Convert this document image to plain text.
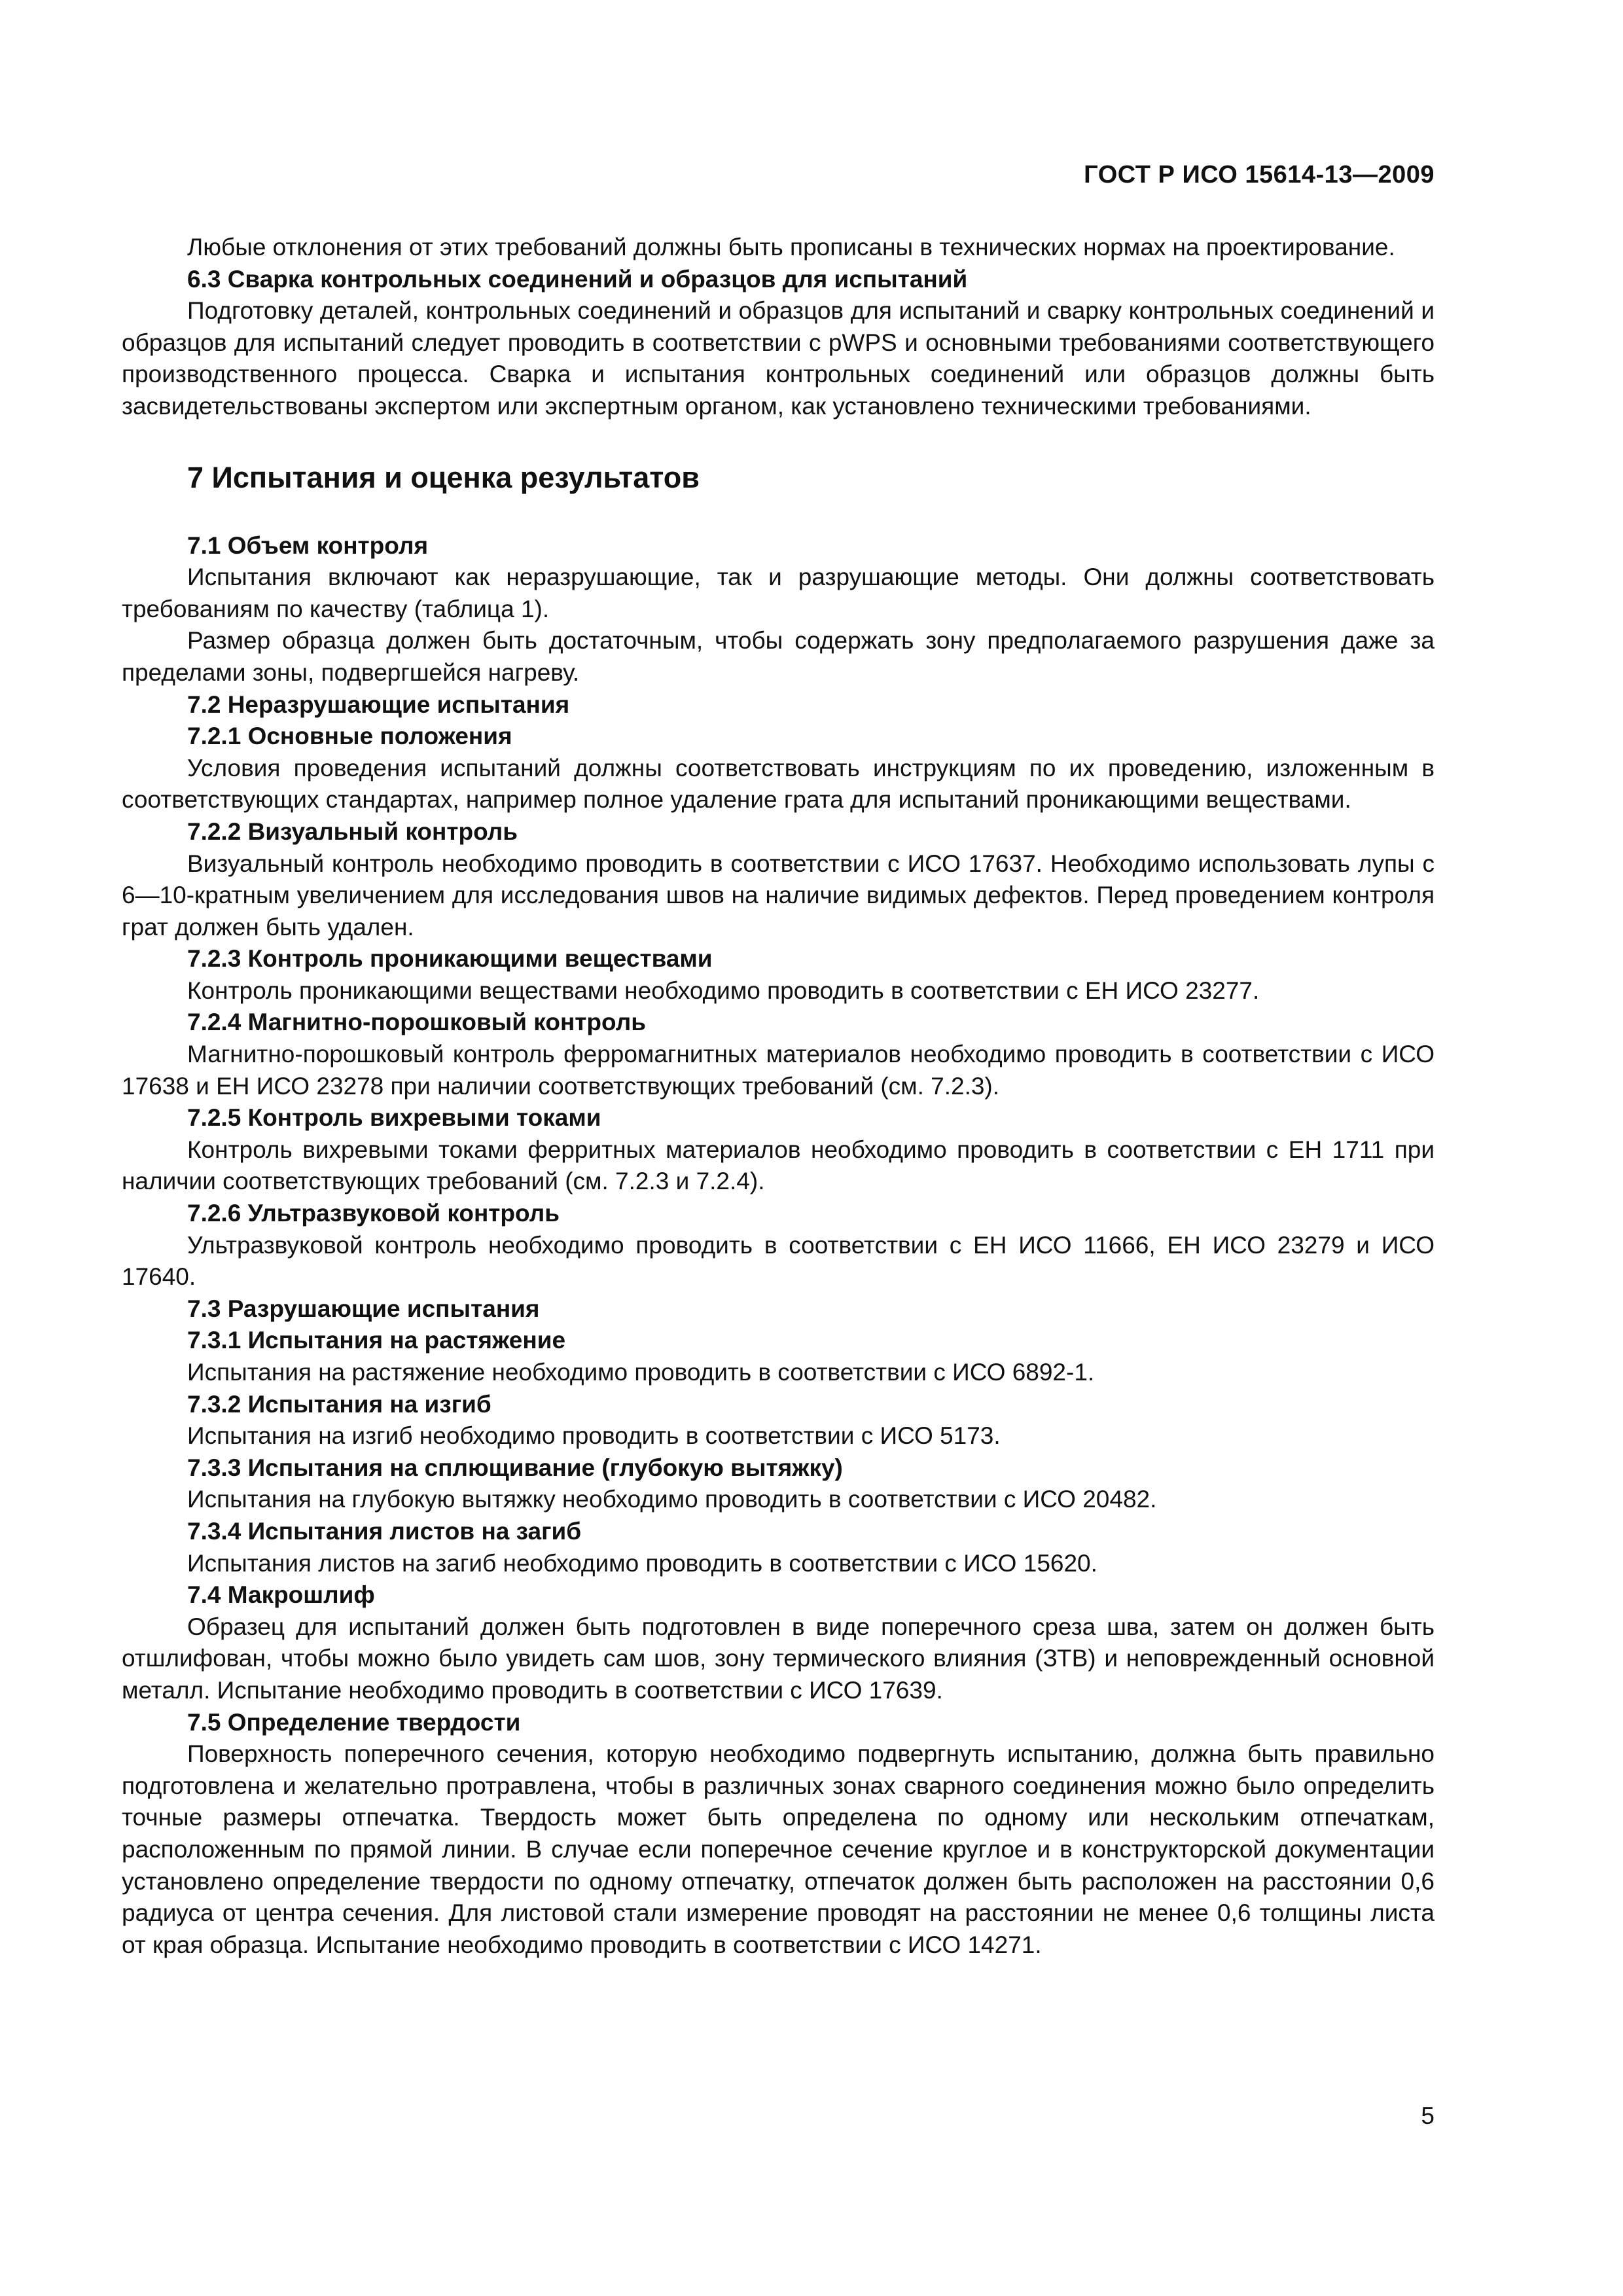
ГОСТ Р ИСО 15614-13—2009
Любые отклонения от этих требований должны быть прописаны в технических нормах на проектирование.
6.3 Сварка контрольных соединений и образцов для испытаний
Подготовку деталей, контрольных соединений и образцов для испытаний и сварку контрольных соединений и образцов для испытаний следует проводить в соответствии с pWPS и основными требованиями соответствующего производственного процесса. Сварка и испытания контрольных соединений или образцов должны быть засвидетельствованы экспертом или экспертным органом, как установлено техническими требованиями.
7 Испытания и оценка результатов
7.1 Объем контроля
Испытания включают как неразрушающие, так и разрушающие методы. Они должны соответствовать требованиям по качеству (таблица 1).
Размер образца должен быть достаточным, чтобы содержать зону предполагаемого разрушения даже за пределами зоны, подвергшейся нагреву.
7.2 Неразрушающие испытания
7.2.1 Основные положения
Условия проведения испытаний должны соответствовать инструкциям по их проведению, изложенным в соответствующих стандартах, например полное удаление грата для испытаний проникающими веществами.
7.2.2 Визуальный контроль
Визуальный контроль необходимо проводить в соответствии с ИСО 17637. Необходимо использовать лупы с 6—10-кратным увеличением для исследования швов на наличие видимых дефектов. Перед проведением контроля грат должен быть удален.
7.2.3 Контроль проникающими веществами
Контроль проникающими веществами необходимо проводить в соответствии с ЕН ИСО 23277.
7.2.4 Магнитно-порошковый контроль
Магнитно-порошковый контроль ферромагнитных материалов необходимо проводить в соответствии с ИСО 17638 и ЕН ИСО 23278 при наличии соответствующих требований (см. 7.2.3).
7.2.5 Контроль вихревыми токами
Контроль вихревыми токами ферритных материалов необходимо проводить в соответствии с ЕН 1711 при наличии соответствующих требований (см. 7.2.3 и 7.2.4).
7.2.6 Ультразвуковой контроль
Ультразвуковой контроль необходимо проводить в соответствии с ЕН ИСО 11666, ЕН ИСО 23279 и ИСО 17640.
7.3 Разрушающие испытания
7.3.1 Испытания на растяжение
Испытания на растяжение необходимо проводить в соответствии с ИСО 6892-1.
7.3.2 Испытания на изгиб
Испытания на изгиб необходимо проводить в соответствии с ИСО 5173.
7.3.3 Испытания на сплющивание (глубокую вытяжку)
Испытания на глубокую вытяжку необходимо проводить в соответствии с ИСО 20482.
7.3.4 Испытания листов на загиб
Испытания листов на загиб необходимо проводить в соответствии с ИСО 15620.
7.4 Макрошлиф
Образец для испытаний должен быть подготовлен в виде поперечного среза шва, затем он должен быть отшлифован, чтобы можно было увидеть сам шов, зону термического влияния (ЗТВ) и неповрежденный основной металл. Испытание необходимо проводить в соответствии с ИСО 17639.
7.5 Определение твердости
Поверхность поперечного сечения, которую необходимо подвергнуть испытанию, должна быть правильно подготовлена и желательно протравлена, чтобы в различных зонах сварного соединения можно было определить точные размеры отпечатка. Твердость может быть определена по одному или нескольким отпечаткам, расположенным по прямой линии. В случае если поперечное сечение круглое и в конструкторской документации установлено определение твердости по одному отпечатку, отпечаток должен быть расположен на расстоянии 0,6 радиуса от центра сечения. Для листовой стали измерение проводят на расстоянии не менее 0,6 толщины листа от края образца. Испытание необходимо проводить в соответствии с ИСО 14271.
5
